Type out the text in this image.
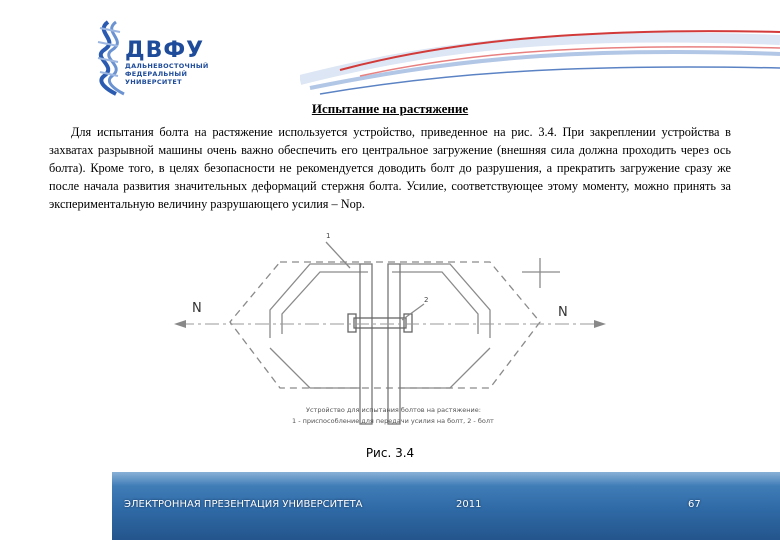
ДВФУ
ДАЛЬНЕВОСТОЧНЫЙ
ФЕДЕРАЛЬНЫЙ
УНИВЕРСИТЕТ
Испытание на растяжение

Для испытания болта на растяжение используется устройство, приведенное на рис. 3.4. При закреплении устройства в захватах разрывной машины очень важно обеспечить его центральное загружение (внешняя сила должна проходить через ось болта). Кроме того, в целях безопасности не рекомендуется доводить болт до разрушения, а прекратить загружение сразу же после начала развития значительных деформаций стержня болта. Усилие, соответствующее этому моменту, можно принять за экспериментальную величину разрушающего усилия – Nор.

1
2
N	N
Устройство для испытания болтов на растяжение:
1 - приспособление для передачи усилия на болт, 2 - болт
Рис. 3.4
ЭЛЕКТРОННАЯ ПРЕЗЕНТАЦИЯ УНИВЕРСИТЕТА	2011	67
